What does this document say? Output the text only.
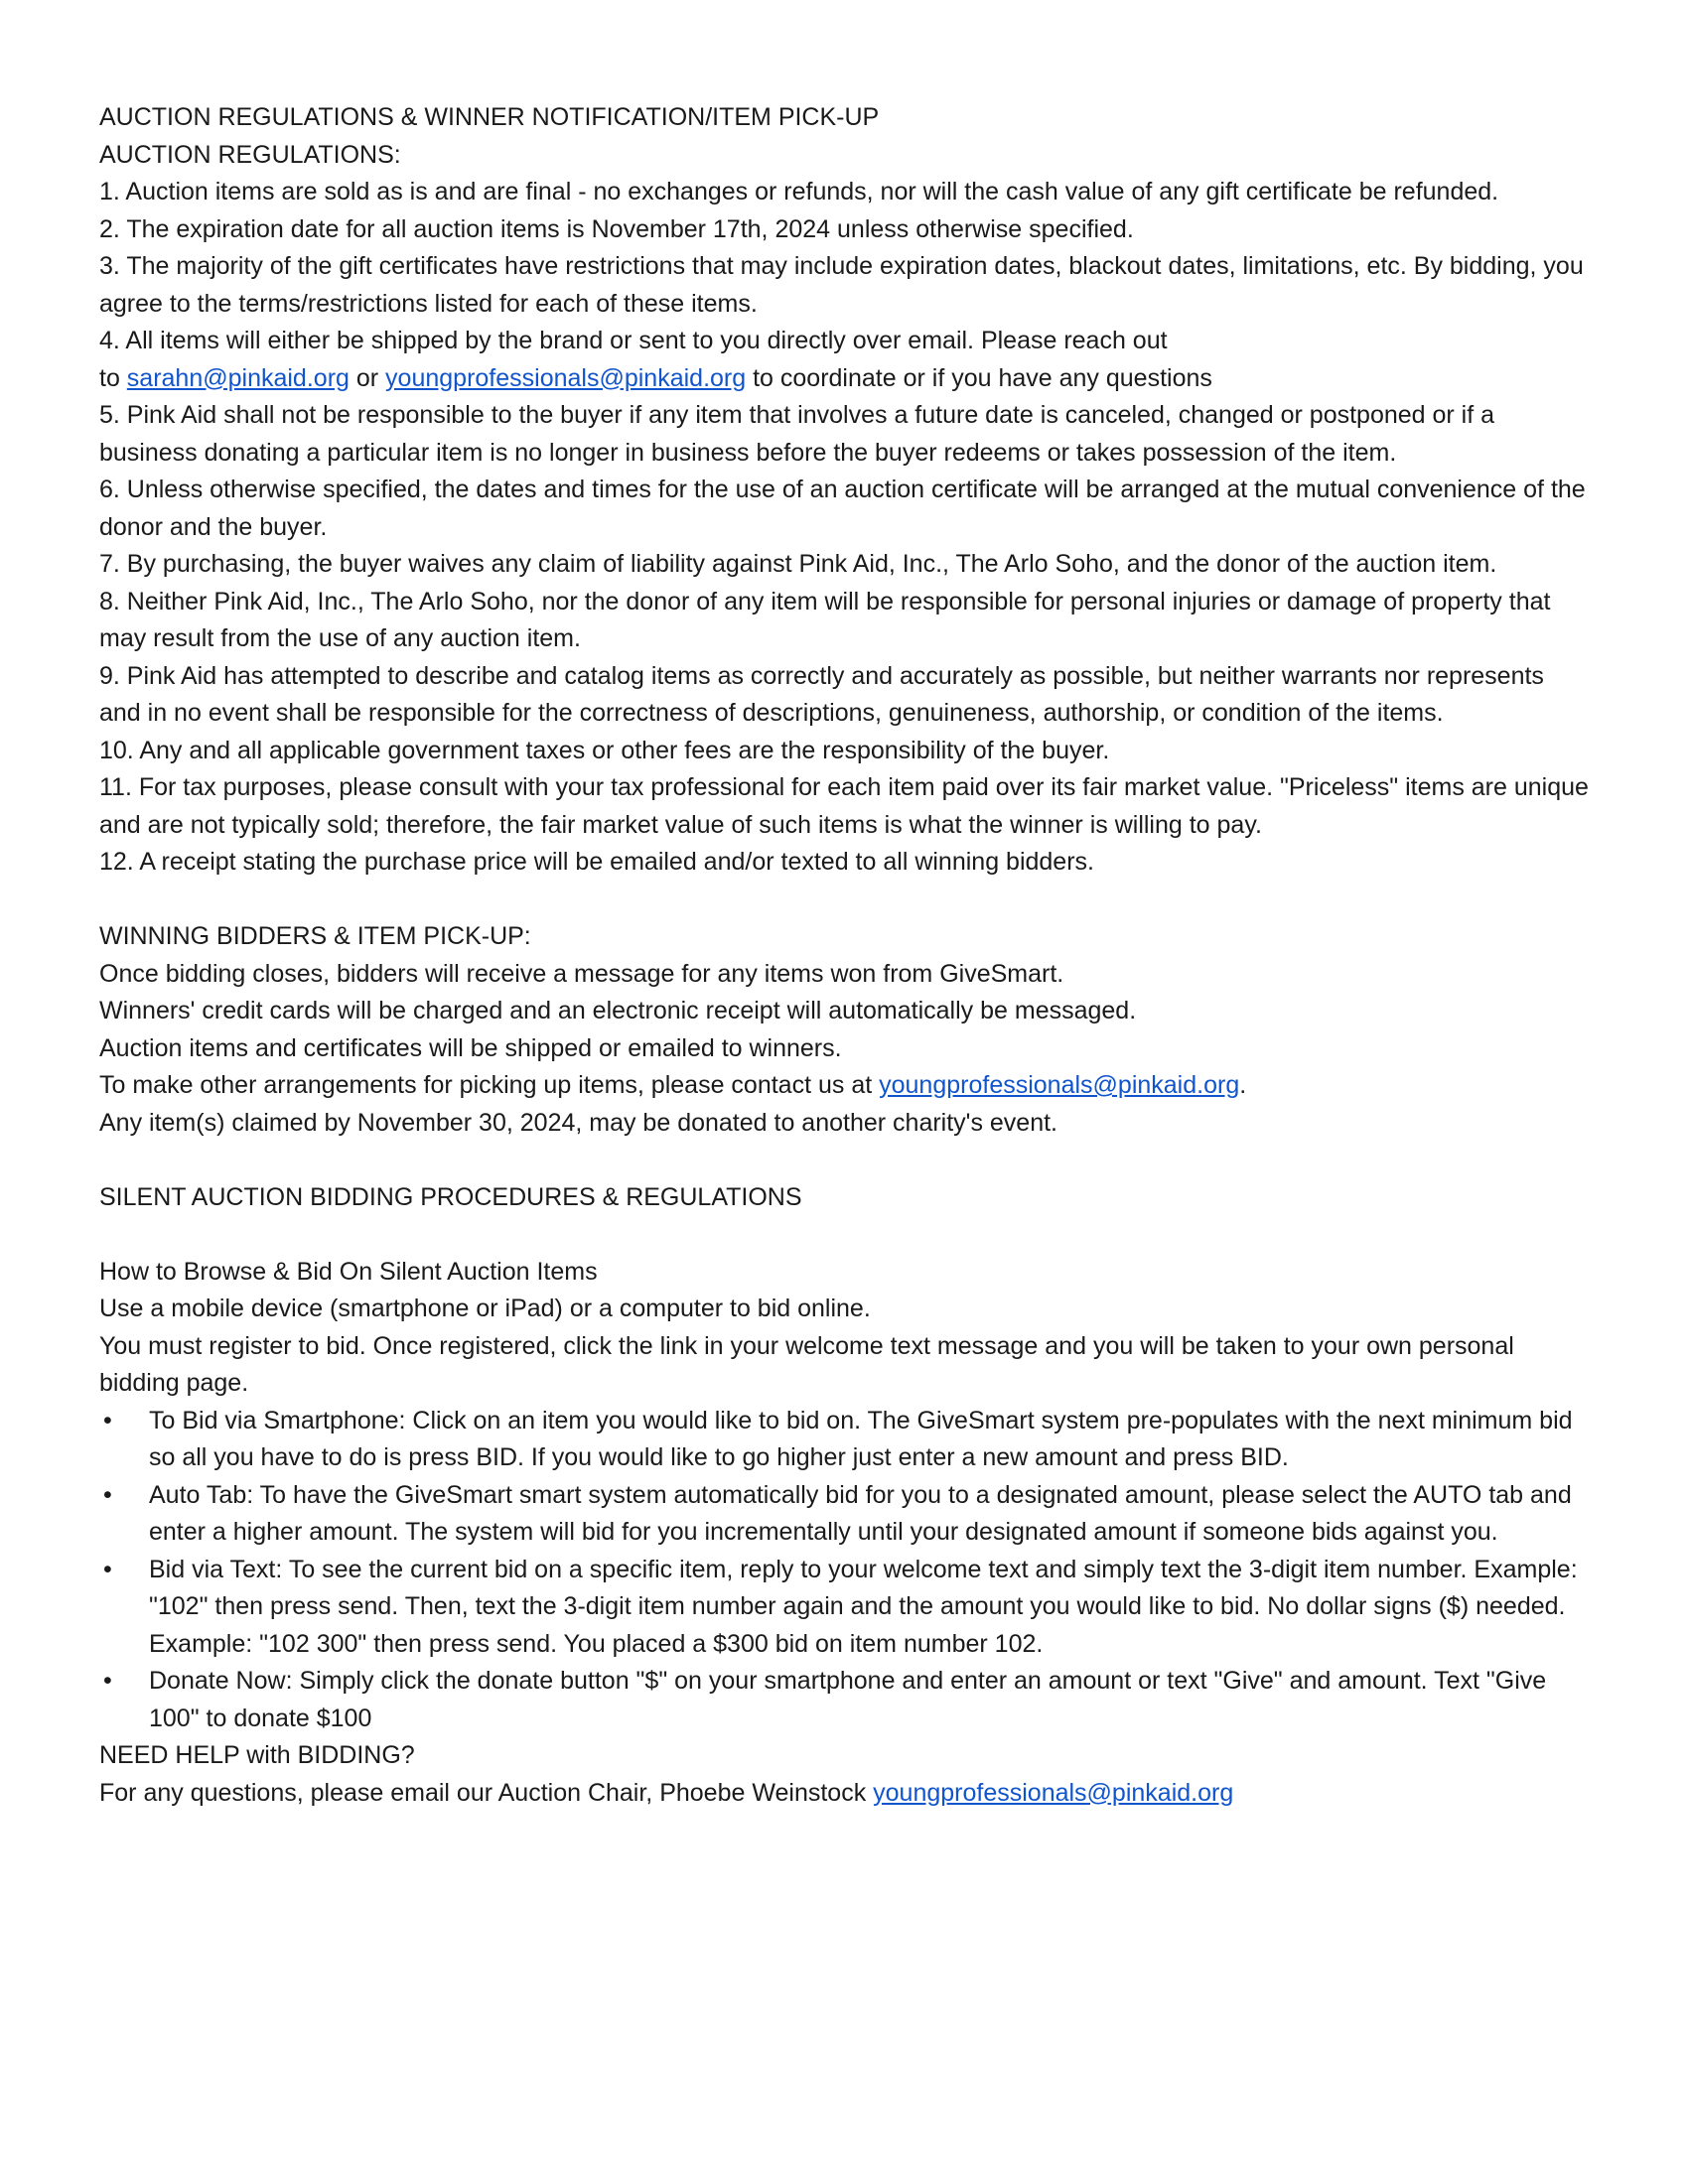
AUCTION REGULATIONS & WINNER NOTIFICATION/ITEM PICK-UP

AUCTION REGULATIONS:

1. Auction items are sold as is and are final - no exchanges or refunds, nor will the cash value of any gift certificate be refunded.

2. The expiration date for all auction items is November 17th, 2024 unless otherwise specified.

3. The majority of the gift certificates have restrictions that may include expiration dates, blackout dates, limitations, etc. By bidding, you agree to the terms/restrictions listed for each of these items.

4. All items will either be shipped by the brand or sent to you directly over email. Please reach out

to sarahn@pinkaid.org or youngprofessionals@pinkaid.org to coordinate or if you have any questions

5. Pink Aid shall not be responsible to the buyer if any item that involves a future date is canceled, changed or postponed or if a business donating a particular item is no longer in business before the buyer redeems or takes possession of the item.

6. Unless otherwise specified, the dates and times for the use of an auction certificate will be arranged at the mutual convenience of the donor and the buyer.

7. By purchasing, the buyer waives any claim of liability against Pink Aid, Inc., The Arlo Soho, and the donor of the auction item.

8. Neither Pink Aid, Inc., The Arlo Soho, nor the donor of any item will be responsible for personal injuries or damage of property that may result from the use of any auction item.

9. Pink Aid has attempted to describe and catalog items as correctly and accurately as possible, but neither warrants nor represents and in no event shall be responsible for the correctness of descriptions, genuineness, authorship, or condition of the items.

10. Any and all applicable government taxes or other fees are the responsibility of the buyer.

11. For tax purposes, please consult with your tax professional for each item paid over its fair market value. "Priceless" items are unique and are not typically sold; therefore, the fair market value of such items is what the winner is willing to pay.

12. A receipt stating the purchase price will be emailed and/or texted to all winning bidders.

WINNING BIDDERS & ITEM PICK-UP:

Once bidding closes, bidders will receive a message for any items won from GiveSmart.

Winners' credit cards will be charged and an electronic receipt will automatically be messaged.

Auction items and certificates will be shipped or emailed to winners.

To make other arrangements for picking up items, please contact us at youngprofessionals@pinkaid.org.

Any item(s) claimed by November 30, 2024, may be donated to another charity's event.

SILENT AUCTION BIDDING PROCEDURES & REGULATIONS

How to Browse & Bid On Silent Auction Items

Use a mobile device (smartphone or iPad) or a computer to bid online.

You must register to bid. Once registered, click the link in your welcome text message and you will be taken to your own personal bidding page.

• To Bid via Smartphone: Click on an item you would like to bid on. The GiveSmart system pre-populates with the next minimum bid so all you have to do is press BID. If you would like to go higher just enter a new amount and press BID.
• Auto Tab: To have the GiveSmart smart system automatically bid for you to a designated amount, please select the AUTO tab and enter a higher amount. The system will bid for you incrementally until your designated amount if someone bids against you.
• Bid via Text: To see the current bid on a specific item, reply to your welcome text and simply text the 3-digit item number. Example: "102" then press send. Then, text the 3-digit item number again and the amount you would like to bid. No dollar signs ($) needed. Example: "102 300" then press send. You placed a $300 bid on item number 102.
• Donate Now: Simply click the donate button "$" on your smartphone and enter an amount or text "Give" and amount. Text "Give 100" to donate $100

NEED HELP with BIDDING?

For any questions, please email our Auction Chair, Phoebe Weinstock youngprofessionals@pinkaid.org
